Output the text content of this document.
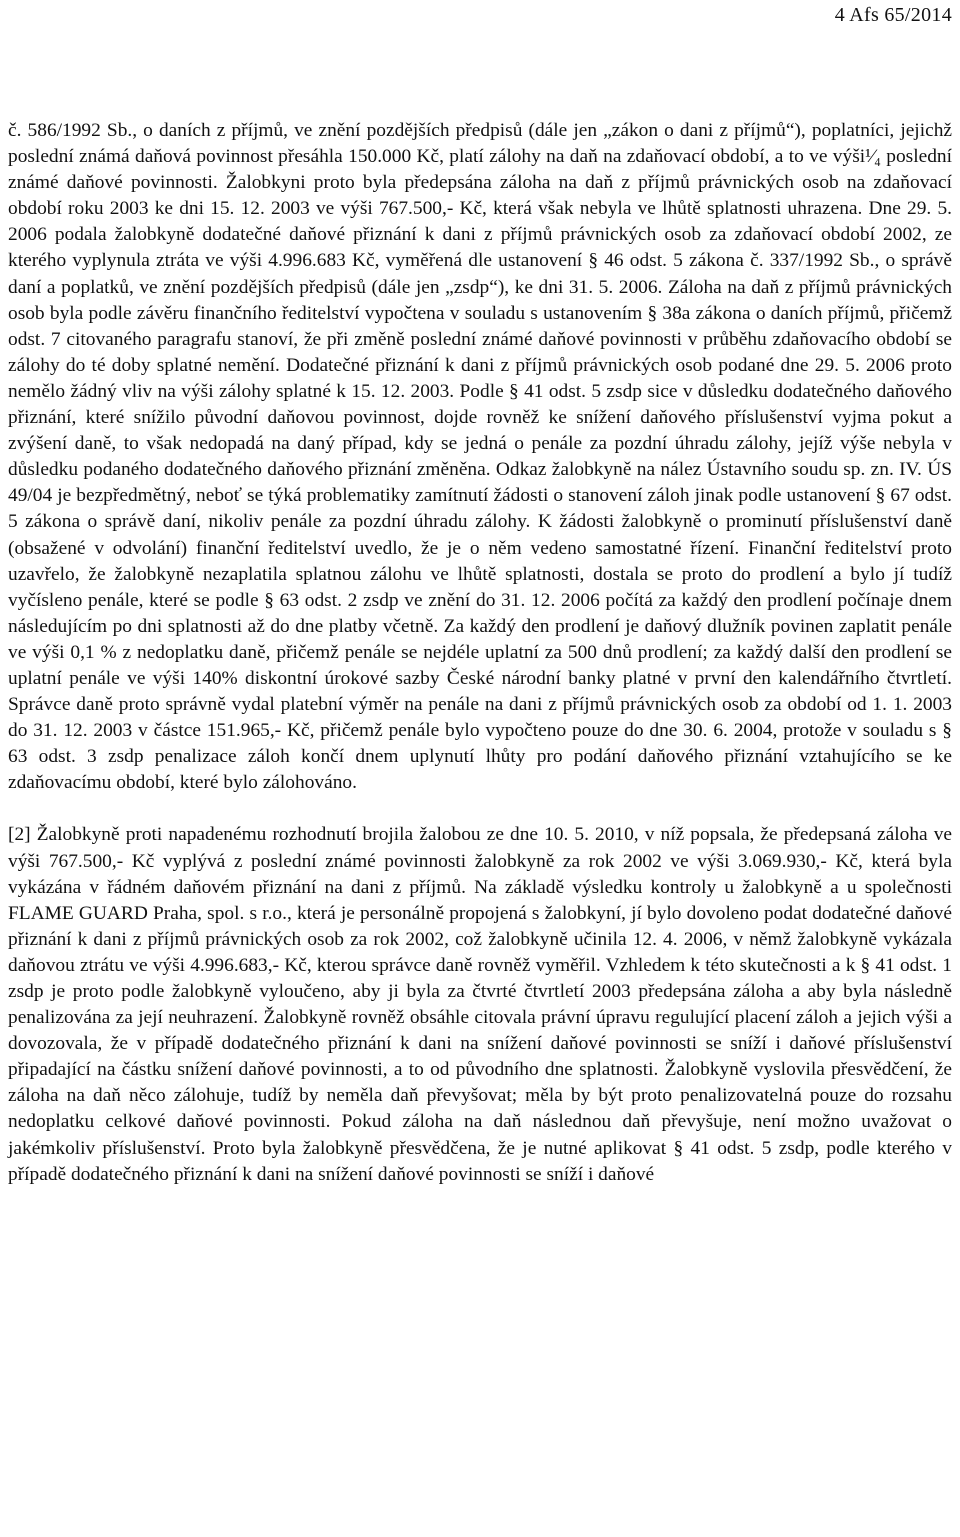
4 Afs 65/2014

č. 586/1992 Sb., o daních z příjmů, ve znění pozdějších předpisů (dále jen „zákon o dani z příjmů“), poplatníci, jejichž poslední známá daňová povinnost přesáhla 150.000 Kč, platí zálohy na daň na zdaňovací období, a to ve výši¹⁄₄ poslední známé daňové povinnosti. Žalobkyni proto byla předepsána záloha na daň z příjmů právnických osob na zdaňovací období roku 2003 ke dni 15. 12. 2003 ve výši 767.500,- Kč, která však nebyla ve lhůtě splatnosti uhrazena. Dne 29. 5. 2006 podala žalobkyně dodatečné daňové přiznání k dani z příjmů právnických osob za zdaňovací období 2002, ze kterého vyplynula ztráta ve výši 4.996.683 Kč, vyměřená dle ustanovení § 46 odst. 5 zákona č. 337/1992 Sb., o správě daní a poplatků, ve znění pozdějších předpisů (dále jen „zsdp“), ke dni 31. 5. 2006. Záloha na daň z příjmů právnických osob byla podle závěru finančního ředitelství vypočtena v souladu s ustanovením § 38a zákona o daních příjmů, přičemž odst. 7 citovaného paragrafu stanoví, že při změně poslední známé daňové povinnosti v průběhu zdaňovacího období se zálohy do té doby splatné nemění. Dodatečné přiznání k dani z příjmů právnických osob podané dne 29. 5. 2006 proto nemělo žádný vliv na výši zálohy splatné k 15. 12. 2003. Podle § 41 odst. 5 zsdp sice v důsledku dodatečného daňového přiznání, které snížilo původní daňovou povinnost, dojde rovněž ke snížení daňového příslušenství vyjma pokut a zvýšení daně, to však nedopadá na daný případ, kdy se jedná o penále za pozdní úhradu zálohy, jejíž výše nebyla v důsledku podaného dodatečného daňového přiznání změněna. Odkaz žalobkyně na nález Ústavního soudu sp. zn. IV. ÚS 49/04 je bezpředmětný, neboť se týká problematiky zamítnutí žádosti o stanovení záloh jinak podle ustanovení § 67 odst. 5 zákona o správě daní, nikoliv penále za pozdní úhradu zálohy. K žádosti žalobkyně o prominutí příslušenství daně (obsažené v odvolání) finanční ředitelství uvedlo, že je o něm vedeno samostatné řízení. Finanční ředitelství proto uzavřelo, že žalobkyně nezaplatila splatnou zálohu ve lhůtě splatnosti, dostala se proto do prodlení a bylo jí tudíž vyčísleno penále, které se podle § 63 odst. 2 zsdp ve znění do 31. 12. 2006 počítá za každý den prodlení počínaje dnem následujícím po dni splatnosti až do dne platby včetně. Za každý den prodlení je daňový dlužník povinen zaplatit penále ve výši 0,1 % z nedoplatku daně, přičemž penále se nejdéle uplatní za 500 dnů prodlení; za každý další den prodlení se uplatní penále ve výši 140% diskontní úrokové sazby České národní banky platné v první den kalendářního čtvrtletí. Správce daně proto správně vydal platební výměr na penále na dani z příjmů právnických osob za období od 1. 1. 2003 do 31. 12. 2003 v částce 151.965,- Kč, přičemž penále bylo vypočteno pouze do dne 30. 6. 2004, protože v souladu s § 63 odst. 3 zsdp penalizace záloh končí dnem uplynutí lhůty pro podání daňového přiznání vztahujícího se ke zdaňovacímu období, které bylo zálohováno.

[2] Žalobkyně proti napadenému rozhodnutí brojila žalobou ze dne 10. 5. 2010, v níž popsala, že předepsaná záloha ve výši 767.500,- Kč vyplývá z poslední známé povinnosti žalobkyně za rok 2002 ve výši 3.069.930,- Kč, která byla vykázána v řádném daňovém přiznání na dani z příjmů. Na základě výsledku kontroly u žalobkyně a u společnosti FLAME GUARD Praha, spol. s r.o., která je personálně propojená s žalobkyní, jí bylo dovoleno podat dodatečné daňové přiznání k dani z příjmů právnických osob za rok 2002, což žalobkyně učinila 12. 4. 2006, v němž žalobkyně vykázala daňovou ztrátu ve výši 4.996.683,- Kč, kterou správce daně rovněž vyměřil. Vzhledem k této skutečnosti a k § 41 odst. 1 zsdp je proto podle žalobkyně vyloučeno, aby ji byla za čtvrté čtvrtletí 2003 předepsána záloha a aby byla následně penalizována za její neuhrazení. Žalobkyně rovněž obsáhle citovala právní úpravu regulující placení záloh a jejich výši a dovozovala, že v případě dodatečného přiznání k dani na snížení daňové povinnosti se sníží i daňové příslušenství připadající na částku snížení daňové povinnosti, a to od původního dne splatnosti. Žalobkyně vyslovila přesvědčení, že záloha na daň něco zálohuje, tudíž by neměla daň převyšovat; měla by být proto penalizovatelná pouze do rozsahu nedoplatku celkové daňové povinnosti. Pokud záloha na daň následnou daň převyšuje, není možno uvažovat o jakémkoliv příslušenství. Proto byla žalobkyně přesvědčena, že je nutné aplikovat § 41 odst. 5 zsdp, podle kterého v případě dodatečného přiznání k dani na snížení daňové povinnosti se sníží i daňové
